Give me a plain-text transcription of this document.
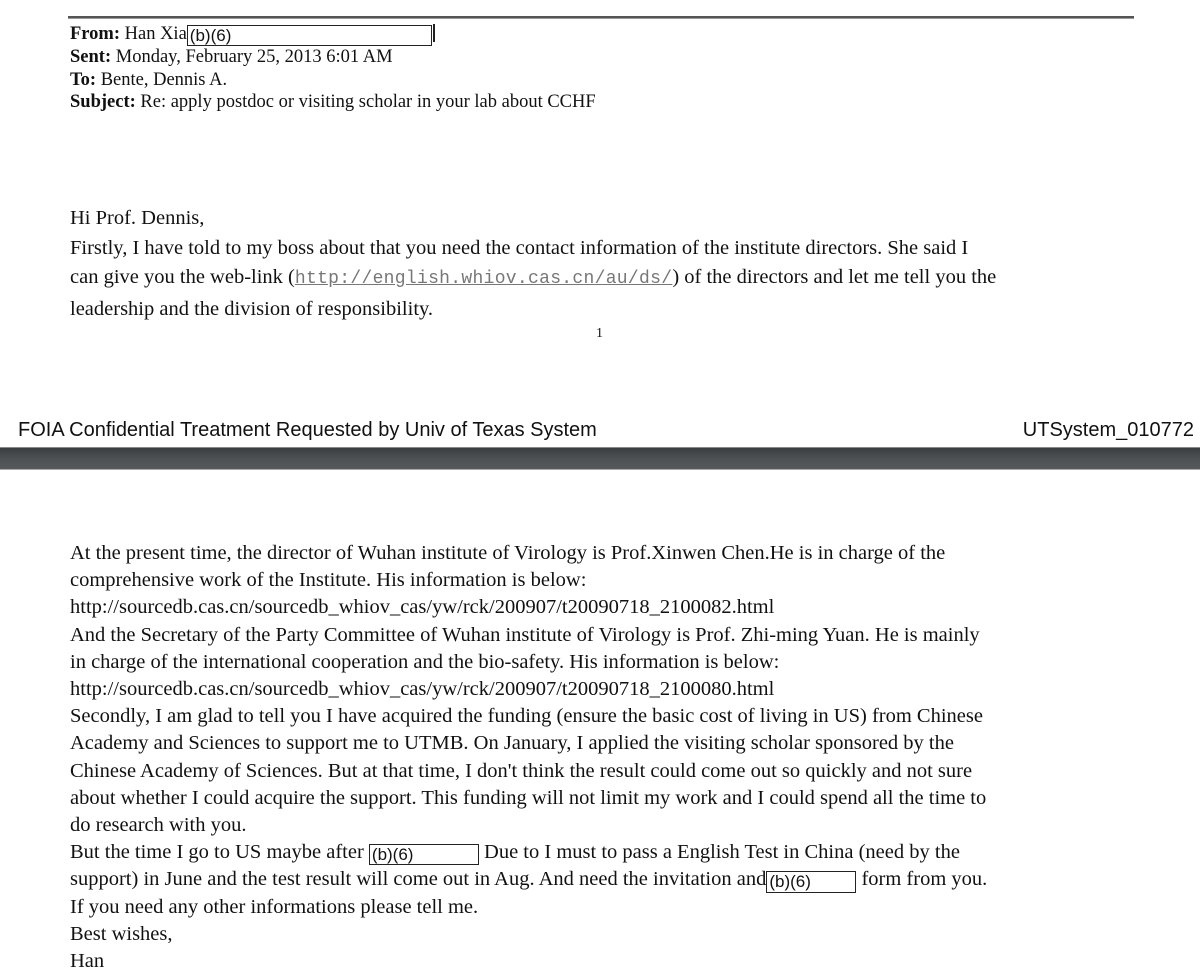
From: Han Xia (b)(6)
Sent: Monday, February 25, 2013 6:01 AM
To: Bente, Dennis A.
Subject: Re: apply postdoc or visiting scholar in your lab about CCHF

Hi Prof. Dennis,

Firstly, I have told to my boss about that you need the contact information of the institute directors. She said I

can give you the web-link (http://english.whiov.cas.cn/au/ds/) of the directors and let me tell you the

leadership and the division of responsibility.

1
FOIA Confidential Treatment Requested by Univ of Texas System	UTSystem_010772

At the present time, the director of Wuhan institute of Virology is Prof.Xinwen Chen.He is in charge of the

comprehensive work of the Institute. His information is below:

http://sourcedb.cas.cn/sourcedb_whiov_cas/yw/rck/200907/t20090718_2100082.html

And the Secretary of the Party Committee of Wuhan institute of Virology is Prof. Zhi-ming Yuan. He is mainly

in charge of the international cooperation and the bio-safety. His information is below:

http://sourcedb.cas.cn/sourcedb_whiov_cas/yw/rck/200907/t20090718_2100080.html

Secondly, I am glad to tell you I have acquired the funding (ensure the basic cost of living in US) from Chinese

Academy and Sciences to support me to UTMB. On January, I applied the visiting scholar sponsored by the

Chinese Academy of Sciences. But at that time, I don't think the result could come out so quickly and not sure

about whether I could acquire the support. This funding will not limit my work and I could spend all the time to

do research with you.

But the time I go to US maybe after (b)(6)	Due to I must to pass a English Test in China (need by the

support) in June and the test result will come out in Aug. And need the invitation and (b)(6) form from you.

If you need any other informations please tell me.

Best wishes,

Han
